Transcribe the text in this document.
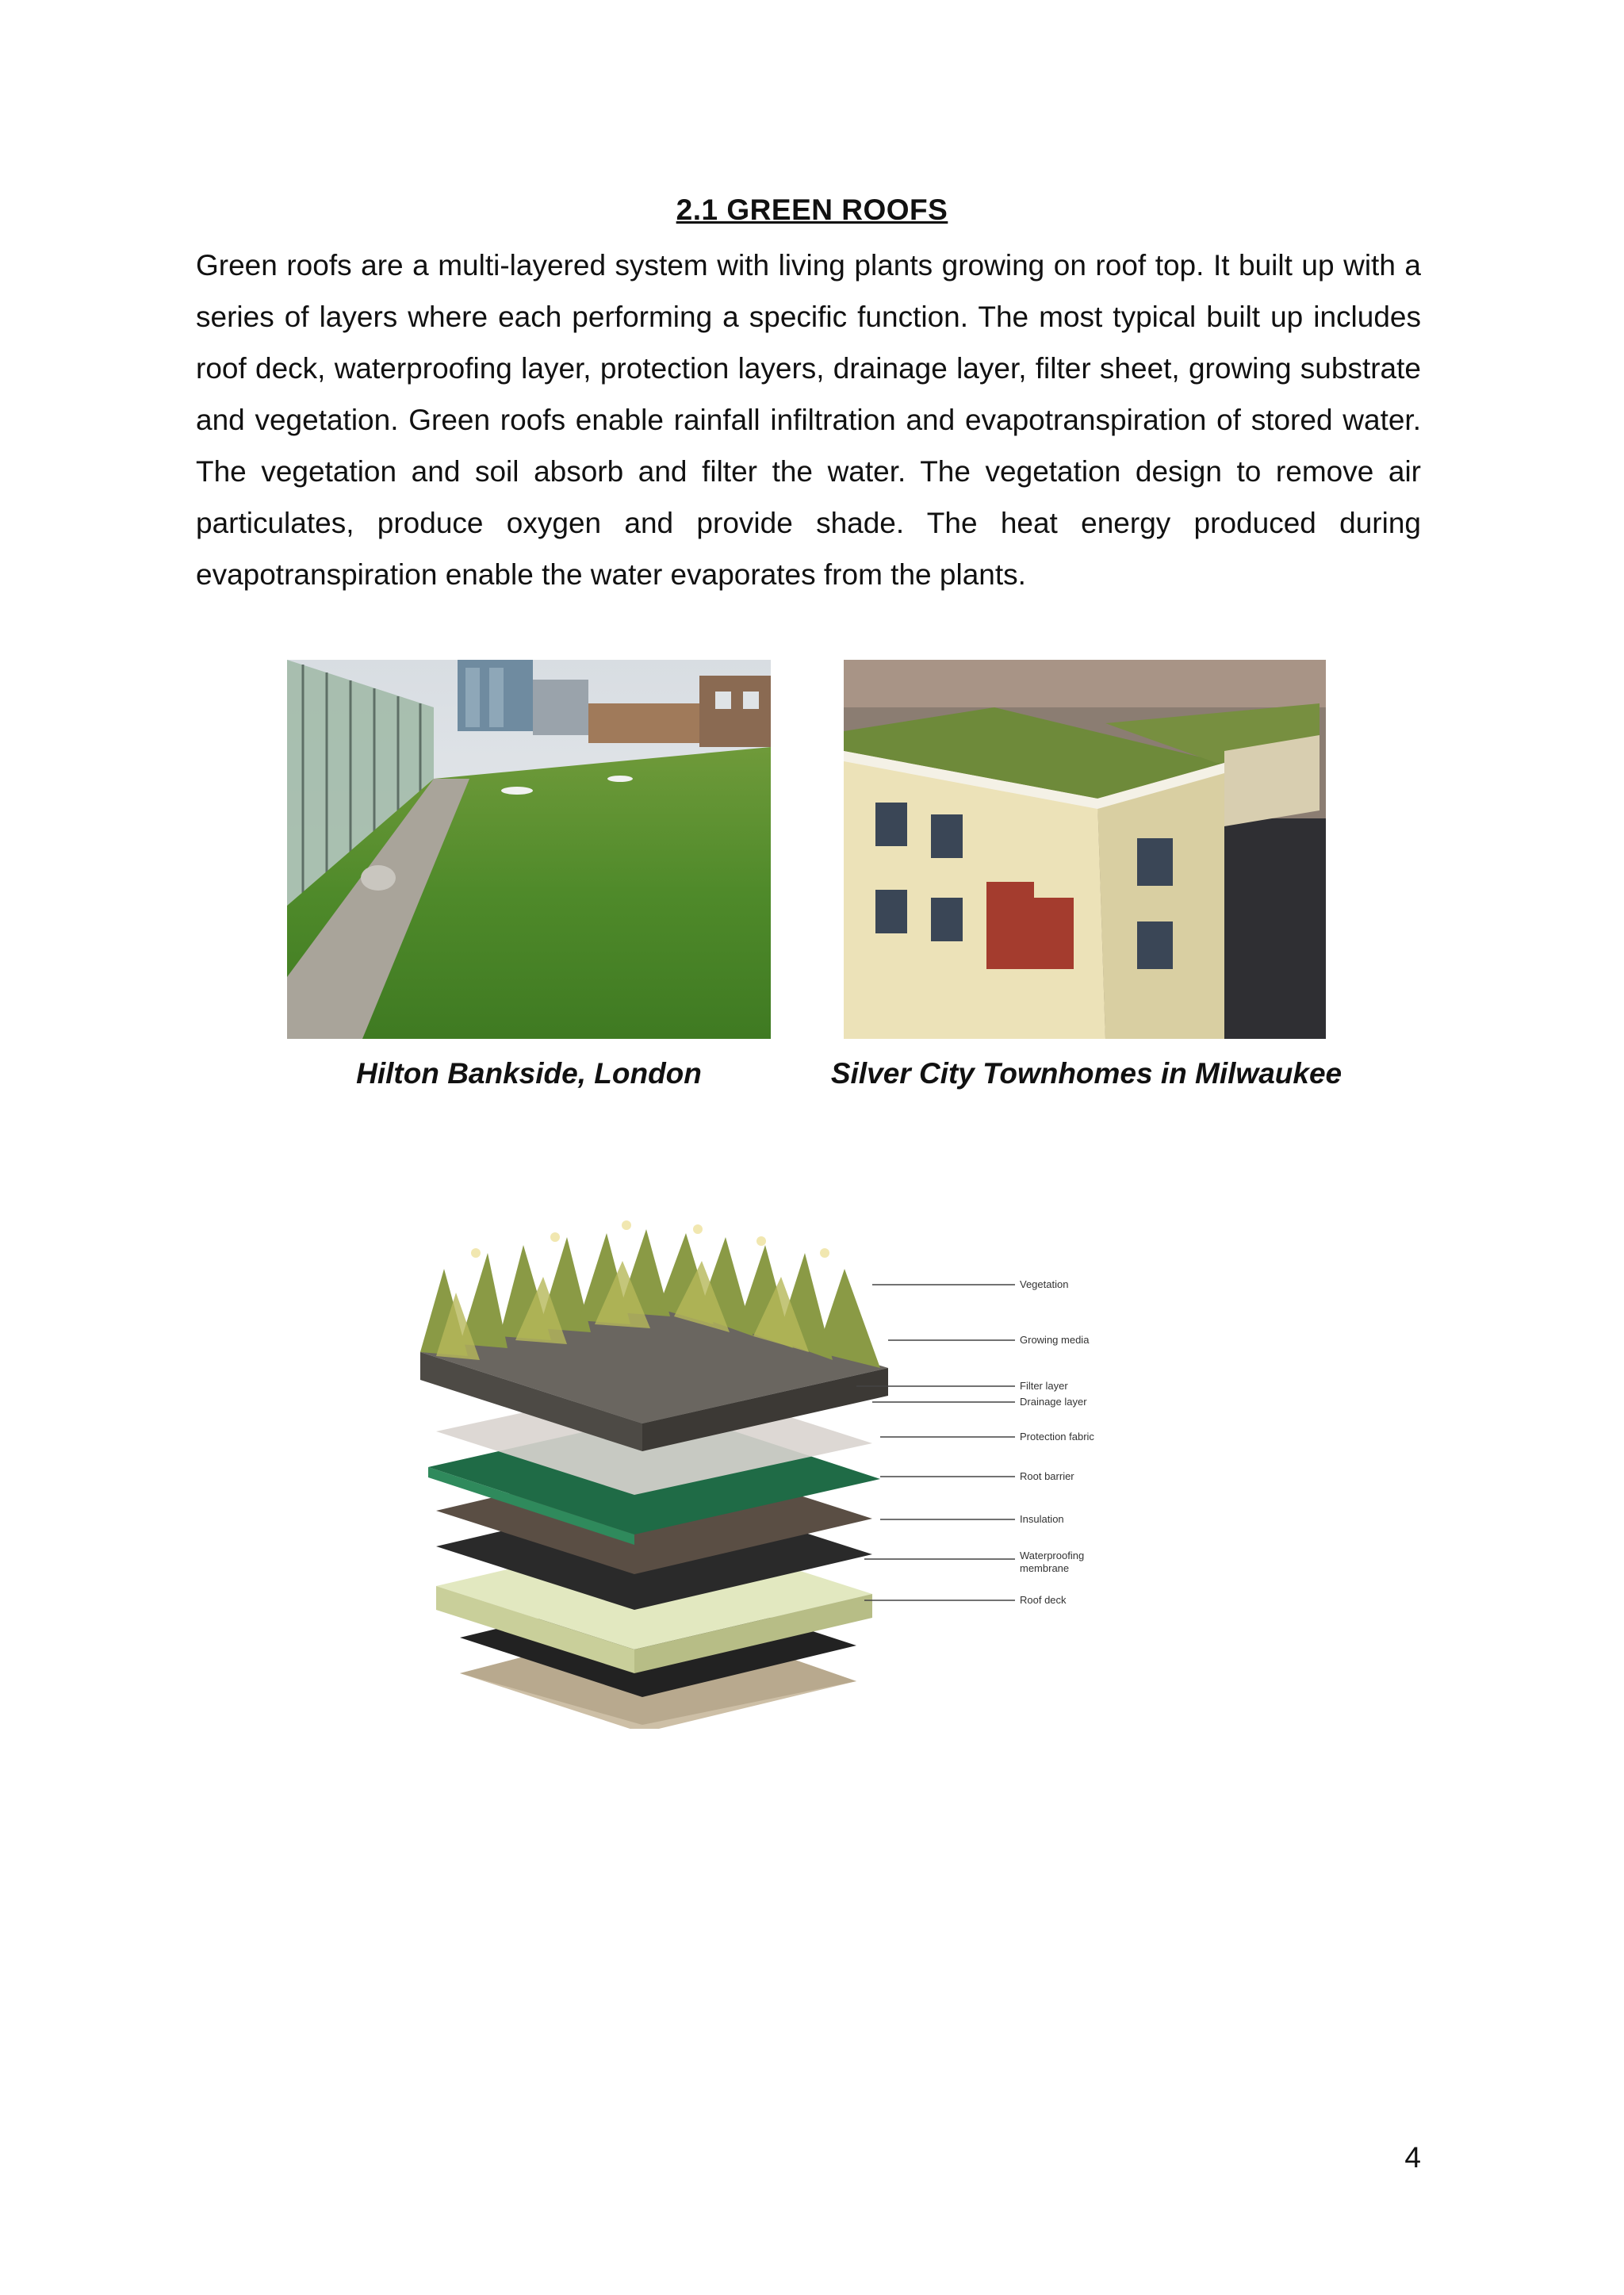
2.1 GREEN ROOFS

Green roofs are a multi-layered system with living plants growing on roof top. It built up with a series of layers where each performing a specific function. The most typical built up includes roof deck, waterproofing layer, protection layers, drainage layer, filter sheet, growing substrate and vegetation. Green roofs enable rainfall infiltration and evapotranspiration of stored water. The vegetation and soil absorb and filter the water. The vegetation design to remove air particulates, produce oxygen and provide shade. The heat energy produced during evapotranspiration enable the water evaporates from the plants.

Hilton Bankside, London	Silver City Townhomes in Milwaukee
Vegetation
Growing media
Filter layer
Drainage layer
Protection fabric
Root barrier
Insulation
Waterproofing
membrane
Roof deck
4
